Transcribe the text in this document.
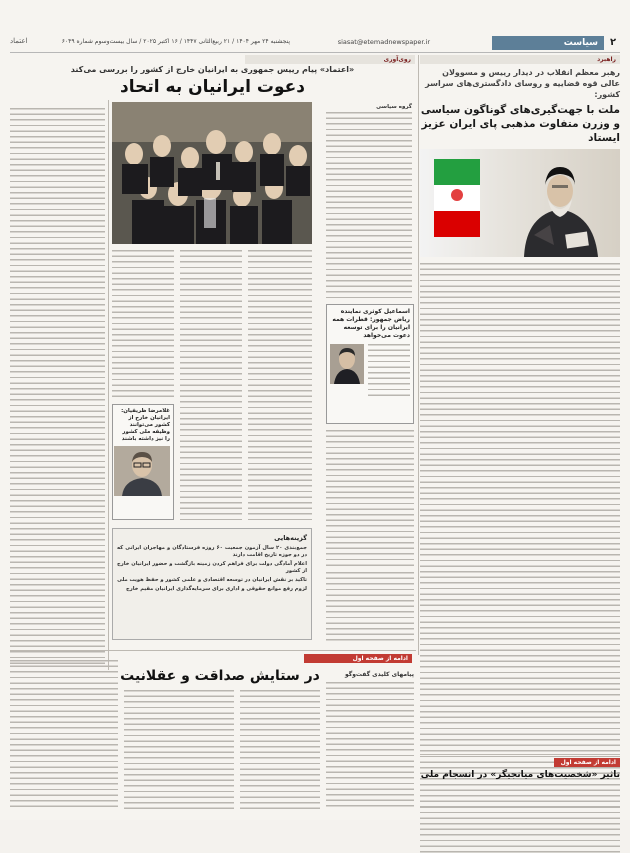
۲
سیاست
siasat@etemadnewspaper.ir
پنجشنبه ۲۴ مهر ۱۴۰۴ / ۲۱ ربیع‌الثانی ۱۴۴۷ / ۱۶ اکتبر ۲۰۲۵ / سال بیست‌وسوم شماره ۶۰۴۹
اعتماد
راهبرد
رهبر معظم انقلاب در دیدار رییس و مسوولان عالی قوه قضاییه و رو‌سای دادگستری‌های سراسر کشور:
ملت با جهت‌گیری‌های گوناگون سیاسی و وزرن متفاوت مذهبی پای ایران عزیز ایستاد
روی‌آوری
«اعتماد» پیام رییس جمهوری به ایرانیان خارج از کشور را بررسی می‌کند
دعوت ایرانیان به اتحاد
گروه سیاسی
اسماعیل کوثری نماینده ریاض جمهور: قطرات همه ایرانیان را برای توسعه دعوت می‌خواهد
غلامرضا ظریفیان: ایرانیان خارج از کشور می‌توانند وظیفه ملی کشور را نیز داشته باشند
گزینه‌هایی
جمع‌بندی ۲۰ سال آزمون جمعیت ۶۰ روزه فرستادگان و مهاجران ایرانی که در دو جوزه تاریخ اقامت دارند
اعلام آمادگی دولت برای فراهم کردن زمینه بازگشت و حضور ایرانیان خارج از کشور
تاکید بر نقش ایرانیان در توسعه اقتصادی و علمی کشور و حفظ هویت ملی
لزوم رفع موانع حقوقی و اداری برای سرمایه‌گذاری ایرانیان مقیم خارج
ادامه از صفحه اول
در ستایش صداقت و عقلانیت	پیامهای کلیدی گفت‌وگو
ادامه از صفحه اول
تاثیر «شخصیت‌های میانجیگر» در انسجام ملی
